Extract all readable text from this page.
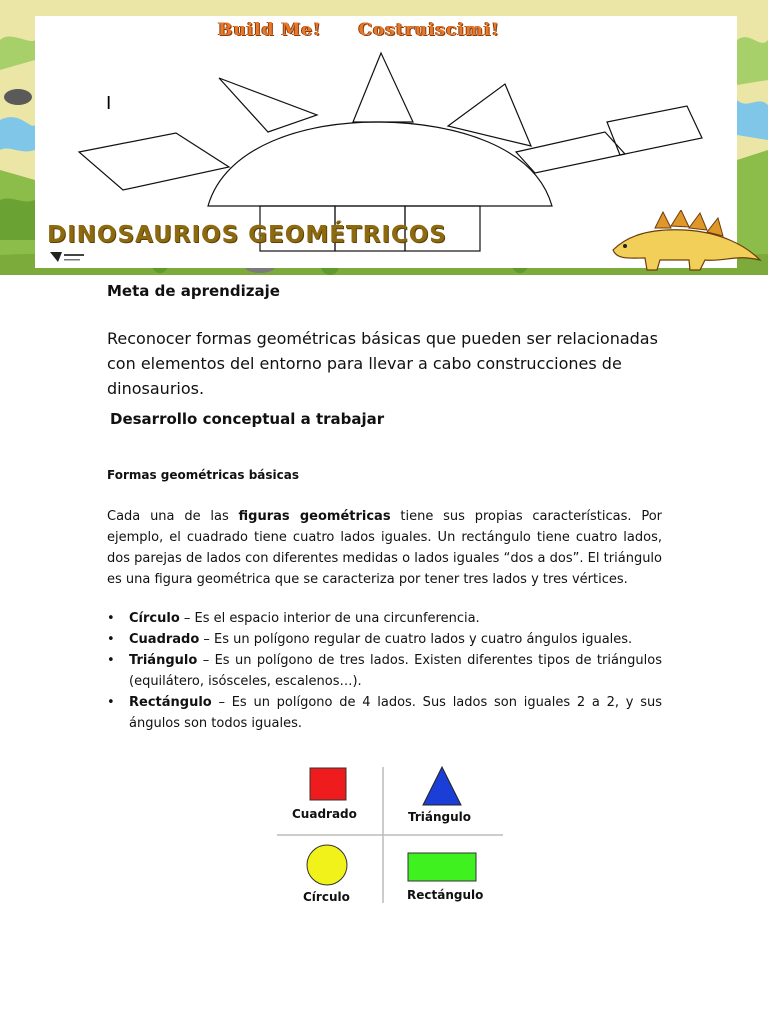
Build Me! Costruiscimi!
I
DINOSAURIOS GEOMÉTRICOS
Meta de aprendizaje
Reconocer formas geométricas básicas que pueden ser relacionadas con elementos del entorno para llevar a cabo construcciones de dinosaurios.
Desarrollo conceptual a trabajar
Formas geométricas básicas
Cada una de las figuras geométricas tiene sus propias características. Por ejemplo, el cuadrado tiene cuatro lados iguales. Un rectángulo tiene cuatro lados, dos parejas de lados con diferentes medidas o lados iguales “dos a dos”. El triángulo es una figura geométrica que se caracteriza por tener tres lados y tres vértices.
• Círculo – Es el espacio interior de una circunferencia.
• Cuadrado – Es un polígono regular de cuatro lados y cuatro ángulos iguales.
• Triángulo – Es un polígono de tres lados. Existen diferentes tipos de triángulos (equilátero, isósceles, escalenos…).
• Rectángulo – Es un polígono de 4 lados. Sus lados son iguales 2 a 2, y sus ángulos son todos iguales.
Cuadrado	Triángulo
Círculo	Rectángulo
